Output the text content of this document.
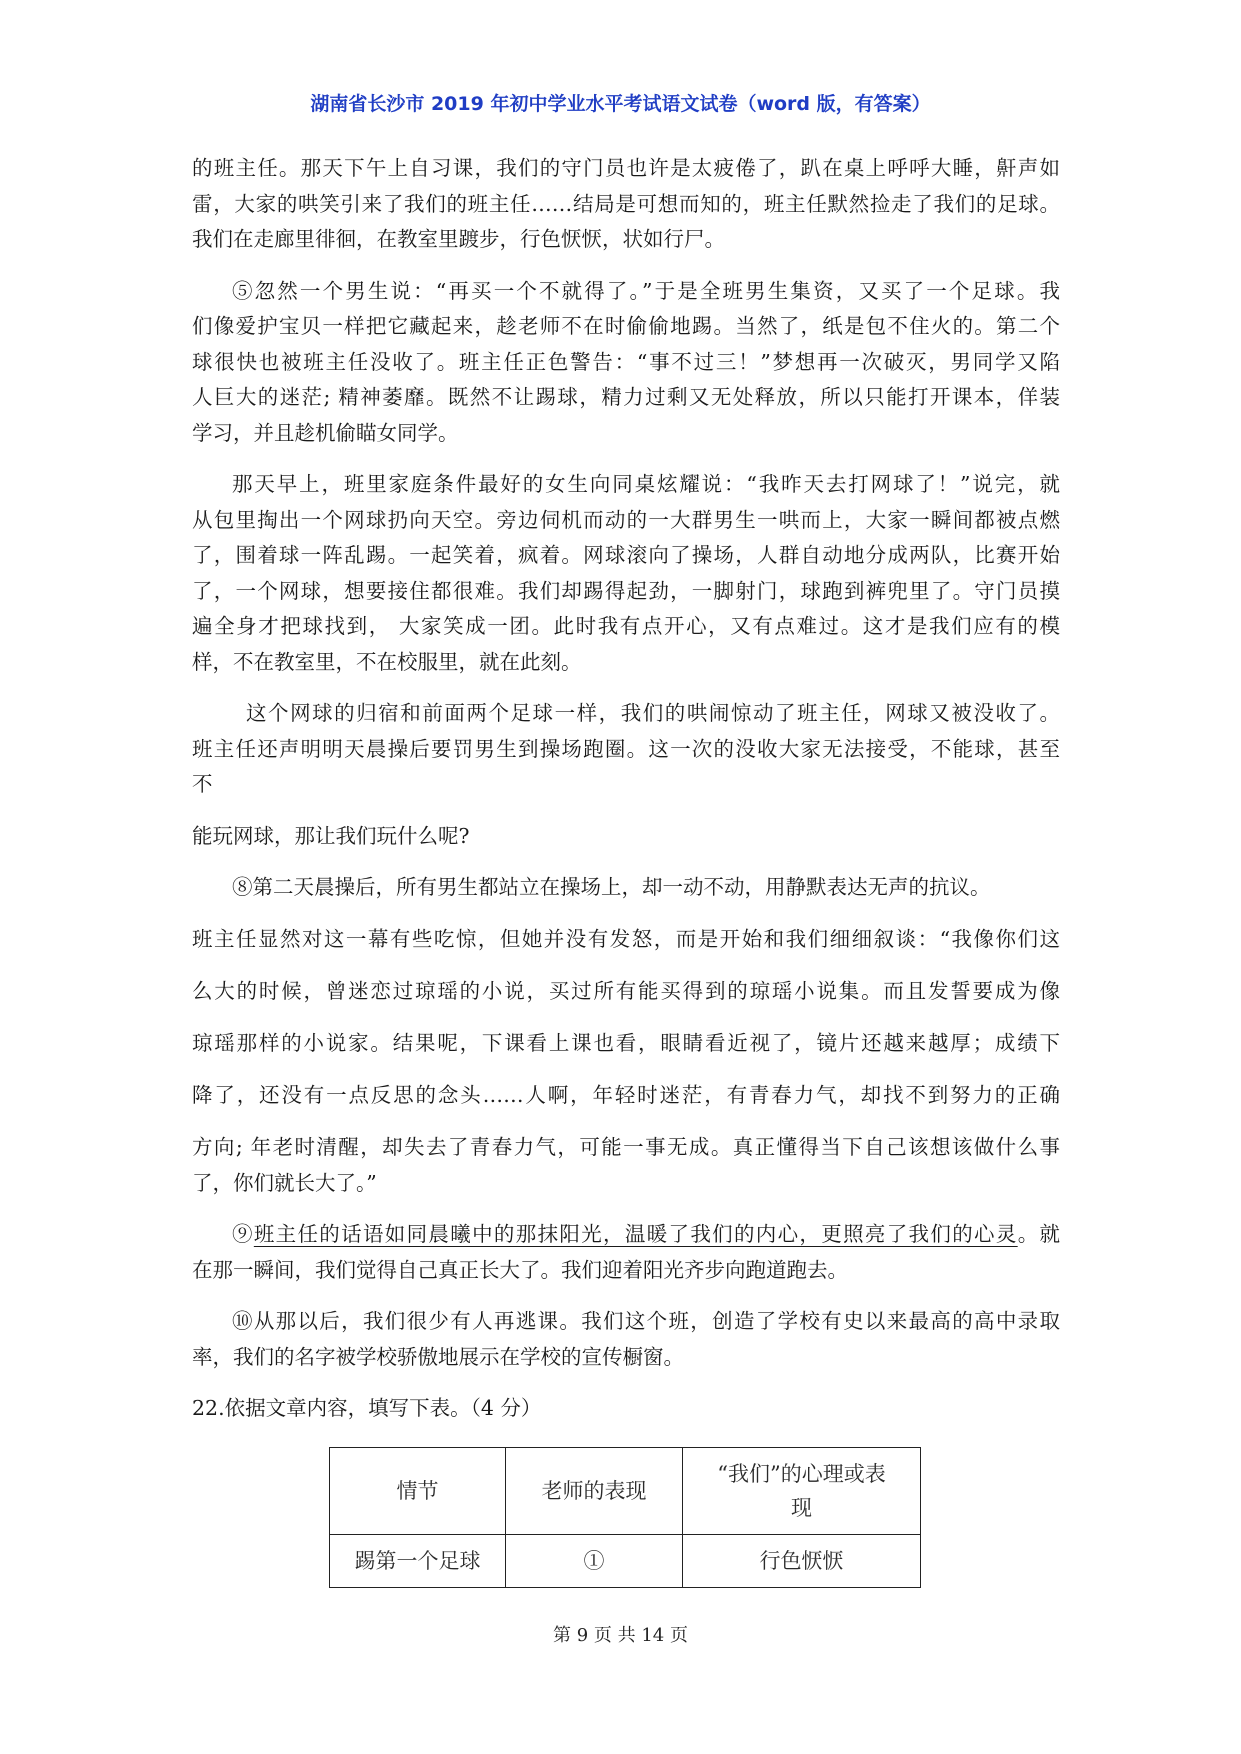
湖南省长沙市 2019 年初中学业水平考试语文试卷（word 版，有答案）
的班主任。那天下午上自习课，我们的守门员也许是太疲倦了，趴在桌上呼呼大睡，鼾声如
雷，大家的哄笑引来了我们的班主任……结局是可想而知的，班主任默然捡走了我们的足球。
我们在走廊里徘徊，在教室里踱步，行色恹恹，状如行尸。
⑤忽然一个男生说：“再买一个不就得了。”于是全班男生集资，又买了一个足球。我
们像爱护宝贝一样把它藏起来，趁老师不在时偷偷地踢。当然了，纸是包不住火的。第二个
球很快也被班主任没收了。班主任正色警告：“事不过三！”梦想再一次破灭，男同学又陷
人巨大的迷茫; 精神萎靡。既然不让踢球，精力过剩又无处释放，所以只能打开课本，佯装
学习，并且趁机偷瞄女同学。
那天早上，班里家庭条件最好的女生向同桌炫耀说：“我昨天去打网球了！”说完，就
从包里掏出一个网球扔向天空。旁边伺机而动的一大群男生一哄而上，大家一瞬间都被点燃
了，围着球一阵乱踢。一起笑着，疯着。网球滚向了操场，人群自动地分成两队，比赛开始
了，一个网球，想要接住都很难。我们却踢得起劲，一脚射门，球跑到裤兜里了。守门员摸
遍全身才把球找到， 大家笑成一团。此时我有点开心，又有点难过。这才是我们应有的模
样，不在教室里，不在校服里，就在此刻。
这个网球的归宿和前面两个足球一样，我们的哄闹惊动了班主任，网球又被没收了。
班主任还声明明天晨操后要罚男生到操场跑圈。这一次的没收大家无法接受，不能球，甚至
不
能玩网球，那让我们玩什么呢?
⑧第二天晨操后，所有男生都站立在操场上，却一动不动，用静默表达无声的抗议。
班主任显然对这一幕有些吃惊，但她并没有发怒，而是开始和我们细细叙谈：“我像你们这
么大的时候，曾迷恋过琼瑶的小说，买过所有能买得到的琼瑶小说集。而且发誓要成为像
琼瑶那样的小说家。结果呢，下课看上课也看，眼睛看近视了，镜片还越来越厚；成绩下
降了，还没有一点反思的念头……人啊，年轻时迷茫，有青春力气，却找不到努力的正确
方向; 年老时清醒，却失去了青春力气，可能一事无成。真正懂得当下自己该想该做什么事
了，你们就长大了。”
⑨班主任的话语如同晨曦中的那抹阳光，温暖了我们的内心，更照亮了我们的心灵。就
在那一瞬间，我们觉得自己真正长大了。我们迎着阳光齐步向跑道跑去。
⑩从那以后，我们很少有人再逃课。我们这个班，创造了学校有史以来最高的高中录取
率，我们的名字被学校骄傲地展示在学校的宣传橱窗。
22.依据文章内容，填写下表。（4 分）
情节	老师的表现	“我们”的心理或表
现

踢第一个足球	①	行色恹恹
第 9 页 共 14 页
